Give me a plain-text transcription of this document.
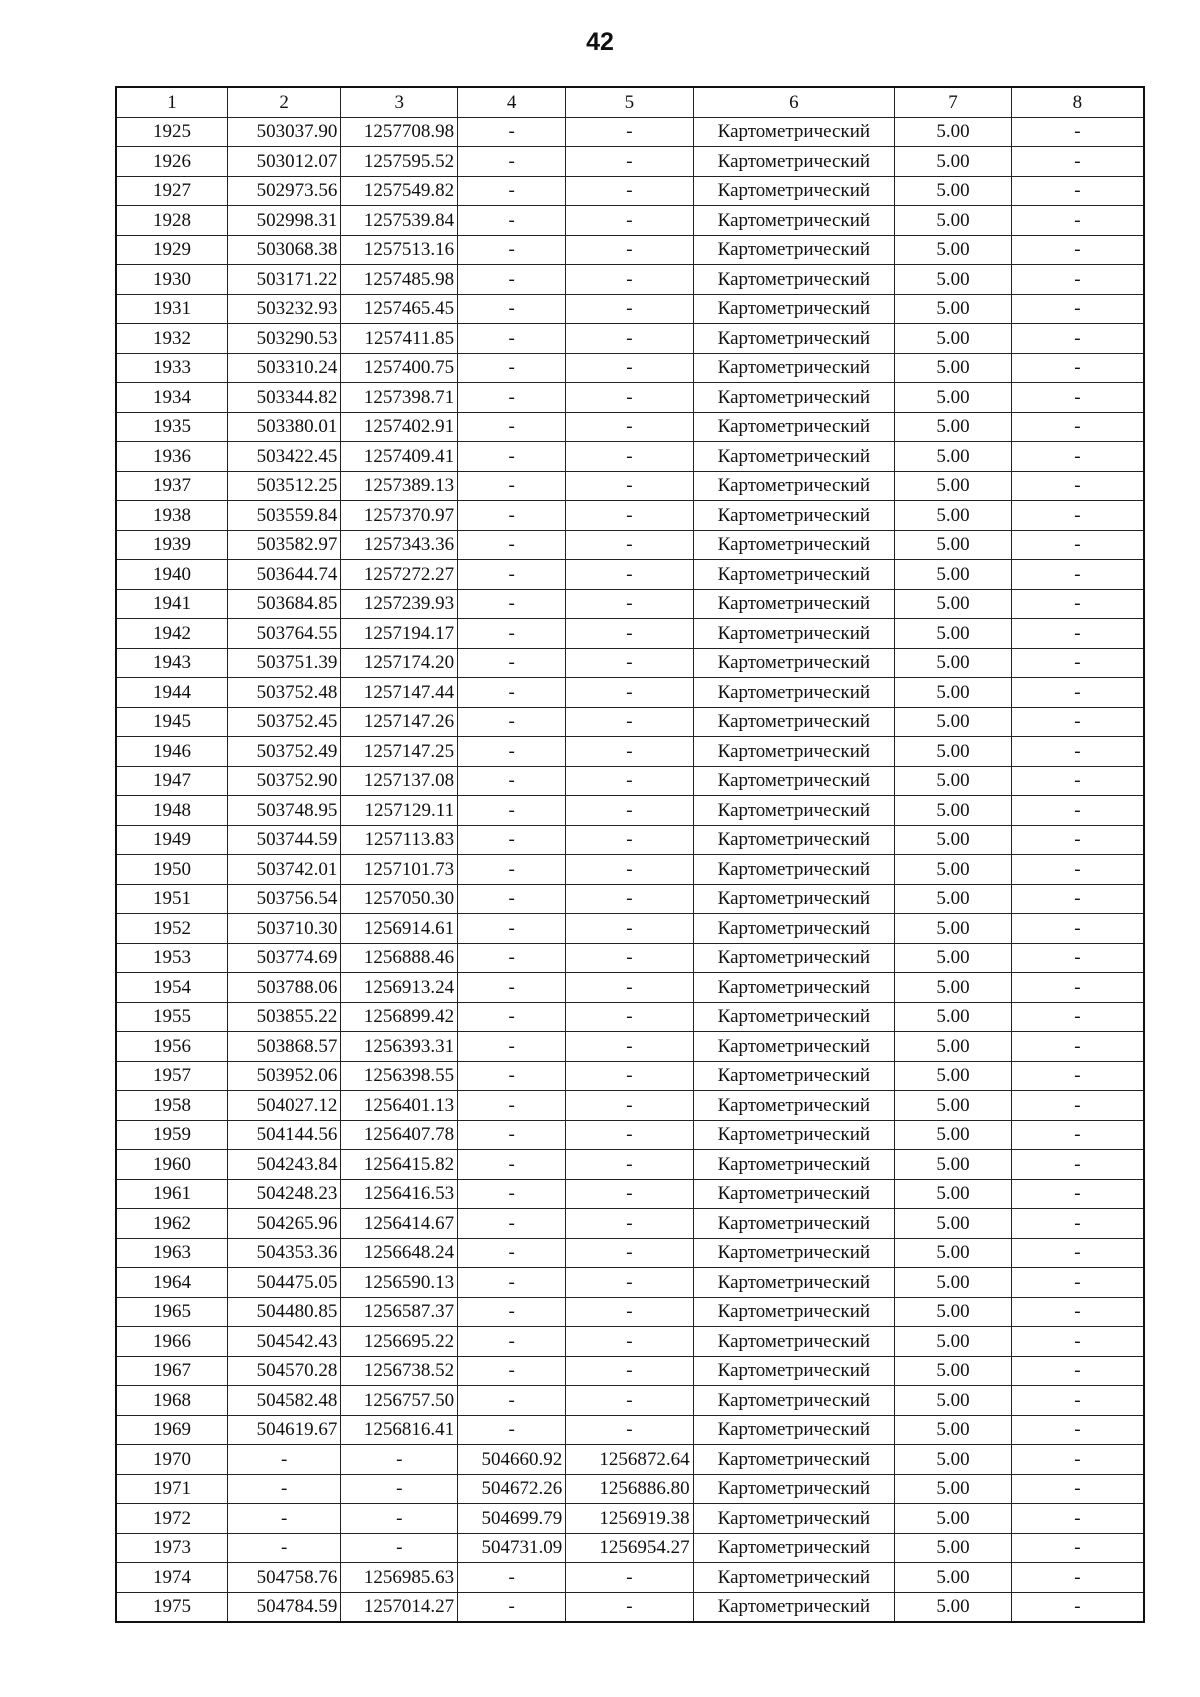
42
1	2	3	4	5	6	7	8
1925	503037.90	1257708.98	-	-	Картометрический	5.00	-
1926	503012.07	1257595.52	-	-	Картометрический	5.00	-
1927	502973.56	1257549.82	-	-	Картометрический	5.00	-
1928	502998.31	1257539.84	-	-	Картометрический	5.00	-
1929	503068.38	1257513.16	-	-	Картометрический	5.00	-
1930	503171.22	1257485.98	-	-	Картометрический	5.00	-
1931	503232.93	1257465.45	-	-	Картометрический	5.00	-
1932	503290.53	1257411.85	-	-	Картометрический	5.00	-
1933	503310.24	1257400.75	-	-	Картометрический	5.00	-
1934	503344.82	1257398.71	-	-	Картометрический	5.00	-
1935	503380.01	1257402.91	-	-	Картометрический	5.00	-
1936	503422.45	1257409.41	-	-	Картометрический	5.00	-
1937	503512.25	1257389.13	-	-	Картометрический	5.00	-
1938	503559.84	1257370.97	-	-	Картометрический	5.00	-
1939	503582.97	1257343.36	-	-	Картометрический	5.00	-
1940	503644.74	1257272.27	-	-	Картометрический	5.00	-
1941	503684.85	1257239.93	-	-	Картометрический	5.00	-
1942	503764.55	1257194.17	-	-	Картометрический	5.00	-
1943	503751.39	1257174.20	-	-	Картометрический	5.00	-
1944	503752.48	1257147.44	-	-	Картометрический	5.00	-
1945	503752.45	1257147.26	-	-	Картометрический	5.00	-
1946	503752.49	1257147.25	-	-	Картометрический	5.00	-
1947	503752.90	1257137.08	-	-	Картометрический	5.00	-
1948	503748.95	1257129.11	-	-	Картометрический	5.00	-
1949	503744.59	1257113.83	-	-	Картометрический	5.00	-
1950	503742.01	1257101.73	-	-	Картометрический	5.00	-
1951	503756.54	1257050.30	-	-	Картометрический	5.00	-
1952	503710.30	1256914.61	-	-	Картометрический	5.00	-
1953	503774.69	1256888.46	-	-	Картометрический	5.00	-
1954	503788.06	1256913.24	-	-	Картометрический	5.00	-
1955	503855.22	1256899.42	-	-	Картометрический	5.00	-
1956	503868.57	1256393.31	-	-	Картометрический	5.00	-
1957	503952.06	1256398.55	-	-	Картометрический	5.00	-
1958	504027.12	1256401.13	-	-	Картометрический	5.00	-
1959	504144.56	1256407.78	-	-	Картометрический	5.00	-
1960	504243.84	1256415.82	-	-	Картометрический	5.00	-
1961	504248.23	1256416.53	-	-	Картометрический	5.00	-
1962	504265.96	1256414.67	-	-	Картометрический	5.00	-
1963	504353.36	1256648.24	-	-	Картометрический	5.00	-
1964	504475.05	1256590.13	-	-	Картометрический	5.00	-
1965	504480.85	1256587.37	-	-	Картометрический	5.00	-
1966	504542.43	1256695.22	-	-	Картометрический	5.00	-
1967	504570.28	1256738.52	-	-	Картометрический	5.00	-
1968	504582.48	1256757.50	-	-	Картометрический	5.00	-
1969	504619.67	1256816.41	-	-	Картометрический	5.00	-
1970	-	-	504660.92	1256872.64	Картометрический	5.00	-
1971	-	-	504672.26	1256886.80	Картометрический	5.00	-
1972	-	-	504699.79	1256919.38	Картометрический	5.00	-
1973	-	-	504731.09	1256954.27	Картометрический	5.00	-
1974	504758.76	1256985.63	-	-	Картометрический	5.00	-
1975	504784.59	1257014.27	-	-	Картометрический	5.00	-
